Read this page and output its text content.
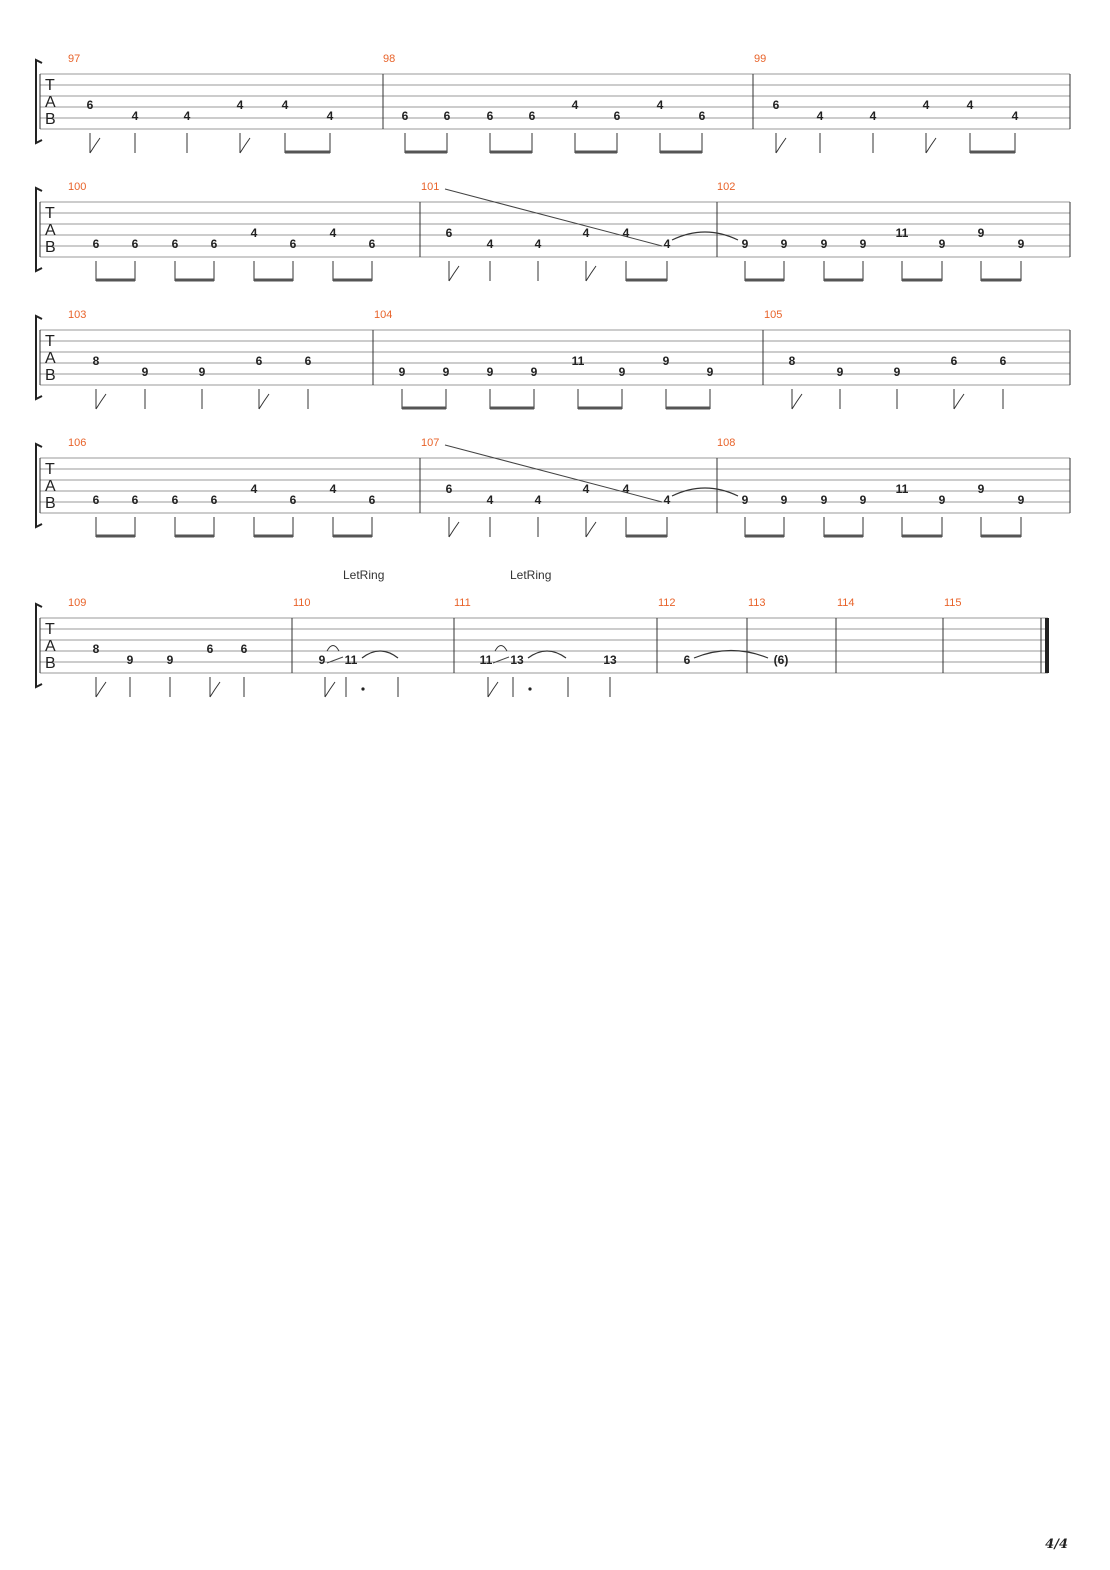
T
A
B
97	98	99
6
4	4
4	4
4	6	6	6	6
4
6
4
6
6
4	4
4	4
4
T
A
B
100	101	102
6	6	6	6
4
6
4
6
6
4	4
4	4
4	9	9	9	9
11
9
9
9
T
A
B
103	104	105
8
9	9
6	6
9	9	9	9
11
9
9
9
8
9	9
6	6
T
A
B
106	107	108
6	6	6	6
4
6
4
6
6
4	4
4	4
4	9	9	9	9
11
9
9
9
LetRing	LetRing
T
A
B
109	110	111	112	113	114	115
8
9	9
6 6
9 11	11 13	13	6	(6)
4/4
